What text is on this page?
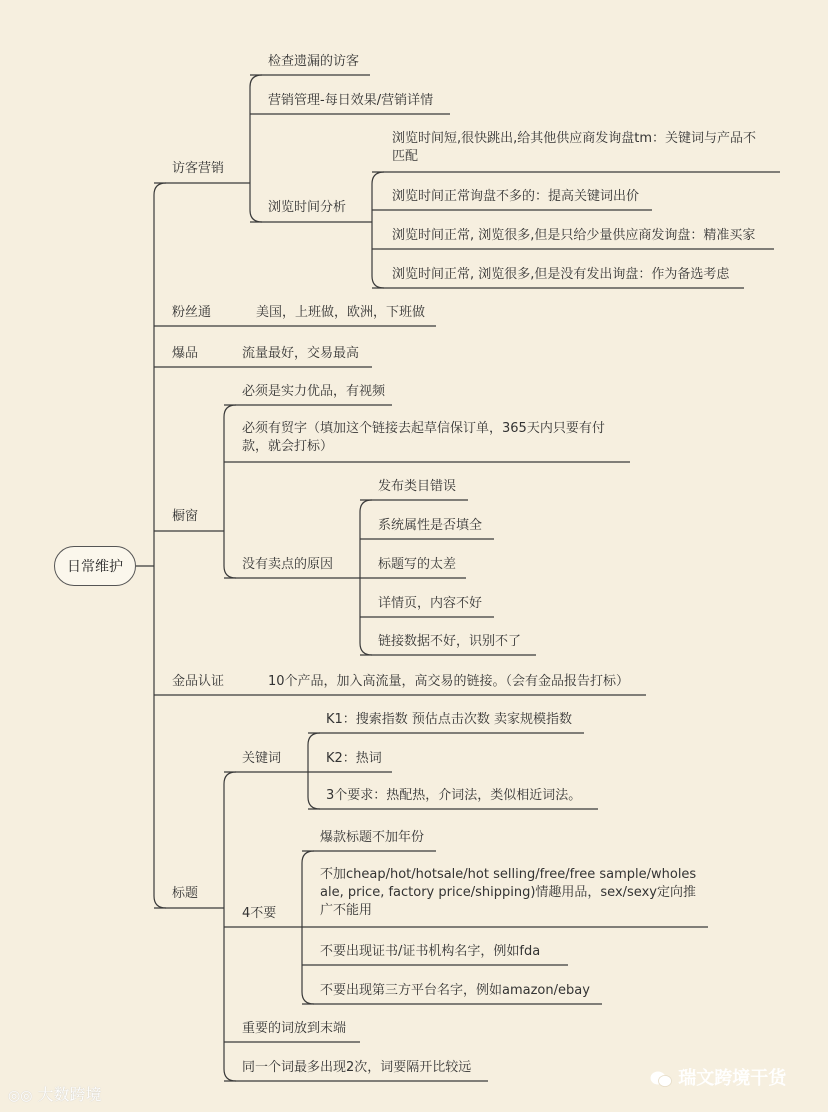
日常维护
访客营销
粉丝通
爆品
橱窗
金品认证
标题
检查遗漏的访客
营销管理-每日效果/营销详情
浏览时间分析
浏览时间短,很快跳出,给其他供应商发询盘tm：关键词与产品不匹配
浏览时间正常询盘不多的：提高关键词出价
浏览时间正常, 浏览很多,但是只给少量供应商发询盘：精准买家
浏览时间正常, 浏览很多,但是没有发出询盘：作为备选考虑
美国，上班做，欧洲，下班做
流量最好，交易最高
必须是实力优品，有视频
必须有贸字（填加这个链接去起草信保订单，365天内只要有付款，就会打标）
没有卖点的原因
发布类目错误
系统属性是否填全
标题写的太差
详情页，内容不好
链接数据不好，识别不了
10个产品，加入高流量，高交易的链接。（会有金品报告打标）
关键词
K1：搜索指数 预估点击次数 卖家规模指数
K2：热词
3个要求：热配热，介词法，类似相近词法。
4不要
爆款标题不加年份
不加cheap/hot/hotsale/hot selling/free/free sample/wholesale, price, factory price/shipping)情趣用品，sex/sexy定向推广不能用
不要出现证书/证书机构名字，例如fda
不要出现第三方平台名字，例如amazon/ebay
重要的词放到末端
同一个词最多出现2次，词要隔开比较远
◎◎ 大数跨境
瑞文跨境干货
